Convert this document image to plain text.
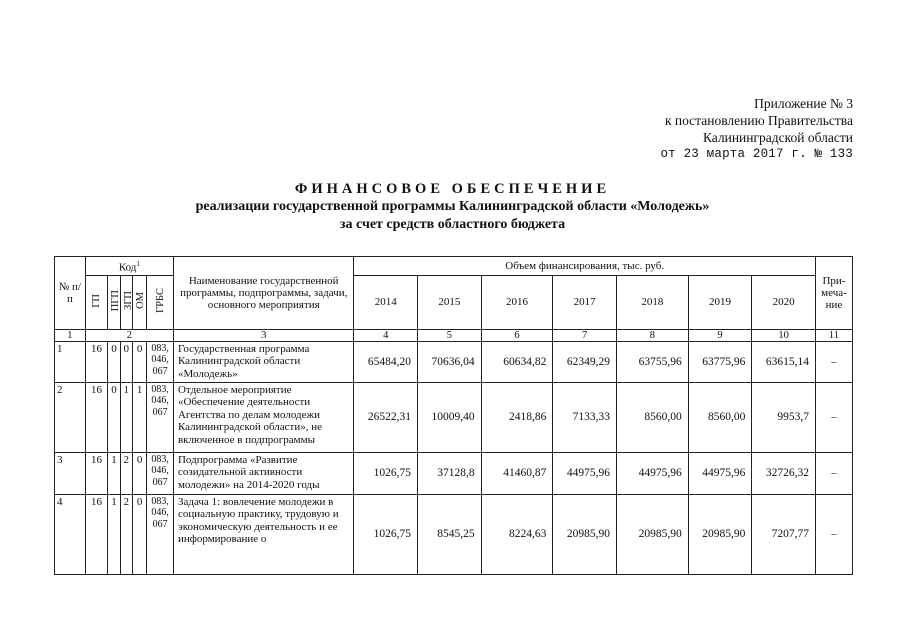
Приложение № 3
к постановлению Правительства
Калининградской области
от 23 марта 2017 г. № 133
ФИНАНСОВОЕ ОБЕСПЕЧЕНИЕ
реализации государственной программы Калининградской области «Молодежь»
за счет средств областного бюджета
№ п/п	Код$^1$					Наименование государственной программы, подпрограммы, задачи, основного мероприятия	Объем финансирования, тыс. руб.							При-меча-ние
	ГП	ПГП	ЗГП	ОМ	ГРБС		2014	2015	2016	2017	2018	2019	2020	
1	2					3	4	5	6	7	8	9	10	11
1	16	0	0	0	083, 046, 067	Государственная программа Калининградской области «Молодежь»	65484,20	70636,04	60634,82	62349,29	63755,96	63775,96	63615,14	–
2	16	0	1	1	083, 046, 067	Отдельное мероприятие «Обеспечение деятельности Агентства по делам молодежи Калининградской области», не включенное в подпрограммы	26522,31	10009,40	2418,86	7133,33	8560,00	8560,00	9953,7	–
3	16	1	2	0	083, 046, 067	Подпрограмма «Развитие созидательной активности молодежи» на 2014-2020 годы	1026,75	37128,8	41460,87	44975,96	44975,96	44975,96	32726,32	–
4	16	1	2	0	083, 046, 067	Задача 1: вовлечение молодежи в социальную практику, трудовую и экономическую деятельность и ее информирование о	1026,75	8545,25	8224,63	20985,90	20985,90	20985,90	7207,77	–
